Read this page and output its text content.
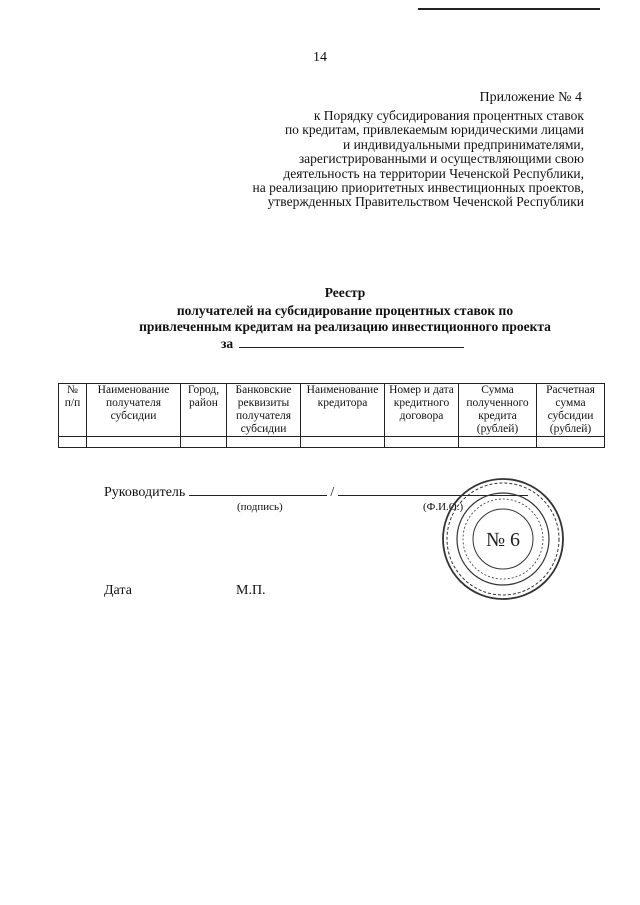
14
Приложение № 4
к Порядку субсидирования процентных ставок
по кредитам, привлекаемым юридическими лицами
и индивидуальными предпринимателями,
зарегистрированными и осуществляющими свою
деятельность на территории Чеченской Республики,
на реализацию приоритетных инвестиционных проектов,
утвержденных Правительством Чеченской Республики
Реестр
получателей на субсидирование процентных ставок по
привлеченным кредитам на реализацию инвестиционного проекта
за
№ п/п	Наименование получателя субсидии	Город, район	Банковские реквизиты получателя субсидии	Наименование кредитора	Номер и дата кредитного договора	Сумма полученного кредита (рублей)	Расчетная сумма субсидии (рублей)

Руководитель	/
(подпись)	(Ф.И.О.)
Дата	М.П.
№ 6
